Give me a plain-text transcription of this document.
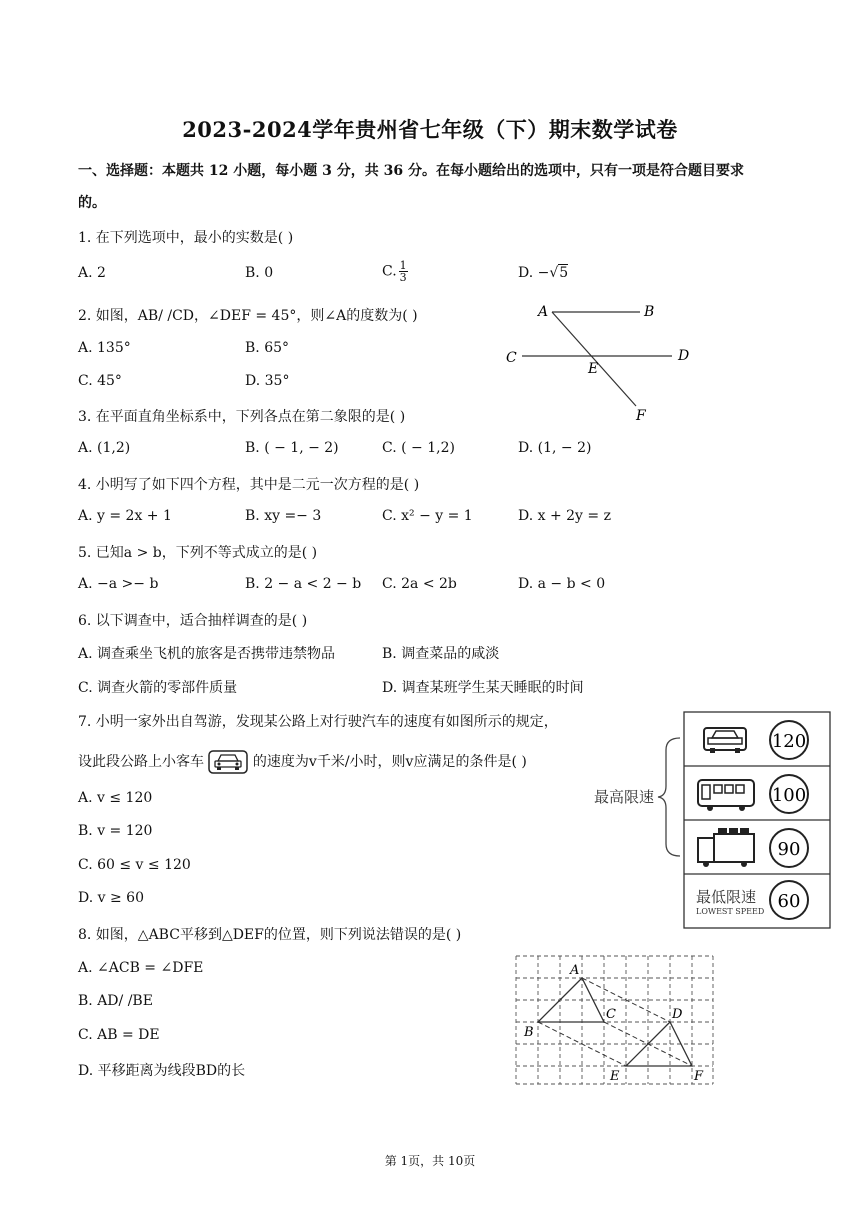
2023-2024学年贵州省七年级（下）期末数学试卷
一、选择题：本题共 12 小题，每小题 3 分，共 36 分。在每小题给出的选项中，只有一项是符合题目要求
的。
1. 在下列选项中，最小的实数是( )
A. 2	B. 0	C. $\frac{1}{3}$	D. −√5
2. 如图，AB/ /CD，∠DEF = 45°，则∠A的度数为( )
A. 135°	B. 65°
C. 45°	D. 35°
A	B
C	D
E
F
3. 在平面直角坐标系中，下列各点在第二象限的是( )
A. (1,2)	B. ( − 1, − 2)	C. ( − 1,2)	D. (1, − 2)
4. 小明写了如下四个方程，其中是二元一次方程的是( )
A. y = 2x + 1	B. xy =− 3	C. x² − y = 1	D. x + 2y = z
5. 已知a > b，下列不等式成立的是( )
A. −a >− b	B. 2 − a < 2 − b C. 2a < 2b	D. a − b < 0
6. 以下调查中，适合抽样调查的是( )
A. 调查乘坐飞机的旅客是否携带违禁物品	B. 调查菜品的咸淡
C. 调查火箭的零部件质量	D. 调查某班学生某天睡眠的时间
7. 小明一家外出自驾游，发现某公路上对行驶汽车的速度有如图所示的规定，
设此段公路上小客车	的速度为v千米/小时，则v应满足的条件是( )
A. v ≤ 120
B. v = 120
C. 60 ≤ v ≤ 120
D. v ≥ 60
最高限速
120
100
90
60
最低限速
LOWEST SPEED
8. 如图，△ABC平移到△DEF的位置，则下列说法错误的是( )
A. ∠ACB = ∠DFE
B. AD/ /BE
C. AB = DE
D. 平移距离为线段BD的长
A
B
C	D
E	F
第 1页，共 10页
